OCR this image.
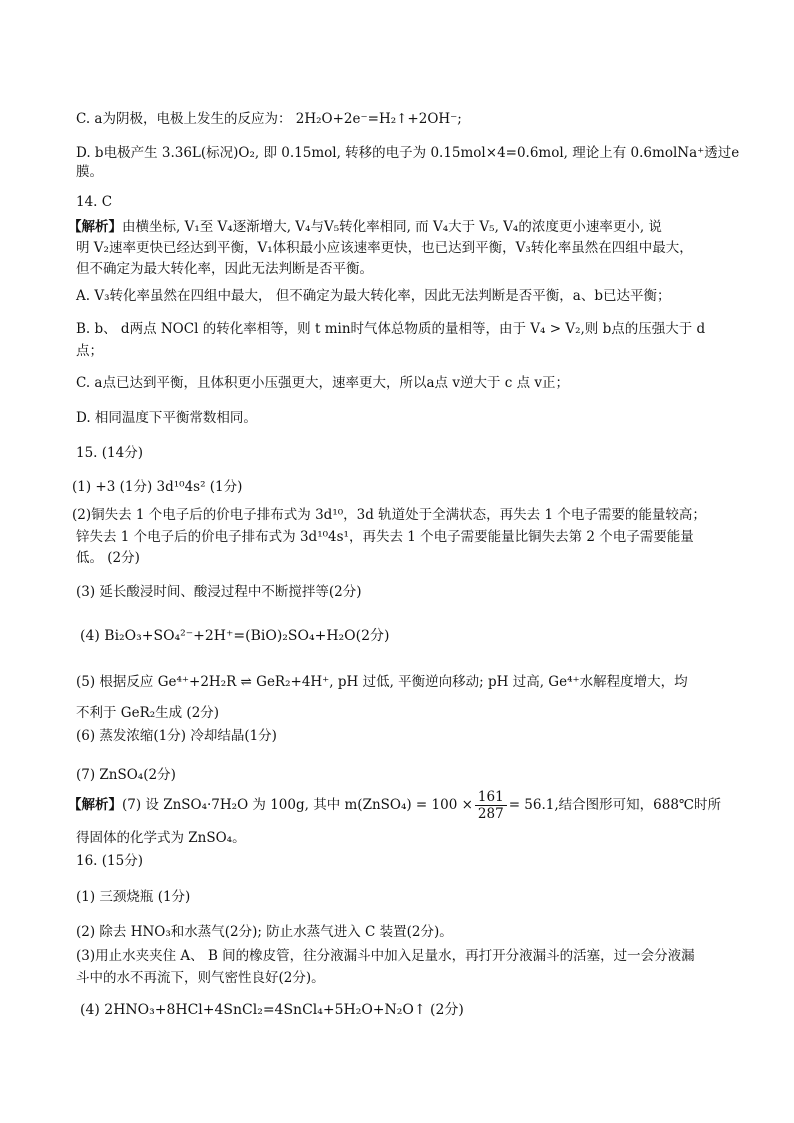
C. a为阴极，电极上发生的反应为： 2H₂O+2e⁻=H₂↑+2OH⁻;
D. b电极产生 3.36L(标况)O₂, 即 0.15mol, 转移的电子为 0.15mol×4=0.6mol, 理论上有 0.6molNa⁺透过e
膜。
14. C
【解析】由横坐标, V₁至 V₄逐渐增大, V₄与V₅转化率相同, 而 V₄大于 V₅, V₄的浓度更小速率更小, 说
明 V₂速率更快已经达到平衡，V₁体积最小应该速率更快，也已达到平衡，V₃转化率虽然在四组中最大，
但不确定为最大转化率，因此无法判断是否平衡。
A. V₃转化率虽然在四组中最大， 但不确定为最大转化率，因此无法判断是否平衡，a、b已达平衡；
B. b、 d两点 NOCl 的转化率相等，则 t min时气体总物质的量相等，由于 V₄ > V₂,则 b点的压强大于 d
点；
C. a点已达到平衡，且体积更小压强更大，速率更大，所以a点 v逆大于 c 点 v正；
D. 相同温度下平衡常数相同。
15. (14分)
(1) +3 (1分) 3d¹⁰4s² (1分)
(2)铜失去 1 个电子后的价电子排布式为 3d¹⁰，3d 轨道处于全满状态，再失去 1 个电子需要的能量较高；
锌失去 1 个电子后的价电子排布式为 3d¹⁰4s¹，再失去 1 个电子需要能量比铜失去第 2 个电子需要能量
低。 (2分)
(3) 延长酸浸时间、酸浸过程中不断搅拌等(2分)
(4) Bi₂O₃+SO₄²⁻+2H⁺=(BiO)₂SO₄+H₂O(2分)
(5) 根据反应 Ge⁴⁺+2H₂R ⇌ GeR₂+4H⁺, pH 过低, 平衡逆向移动; pH 过高, Ge⁴⁺水解程度增大，均
不利于 GeR₂生成 (2分)
(6) 蒸发浓缩(1分) 冷却结晶(1分)
(7) ZnSO₄(2分)
【解析】(7) 设 ZnSO₄·7H₂O 为 100g, 其中 m(ZnSO₄) = $100 \times \frac{161}{287} = 56.1$,结合图形可知，688℃时所
得固体的化学式为 ZnSO₄。
16. (15分)
(1) 三颈烧瓶 (1分)
(2) 除去 HNO₃和水蒸气(2分); 防止水蒸气进入 C 装置(2分)。
(3)用止水夹夹住 A、 B 间的橡皮管，往分液漏斗中加入足量水，再打开分液漏斗的活塞，过一会分液漏
斗中的水不再流下，则气密性良好(2分)。
(4) 2HNO₃+8HCl+4SnCl₂=4SnCl₄+5H₂O+N₂O↑ (2分)
